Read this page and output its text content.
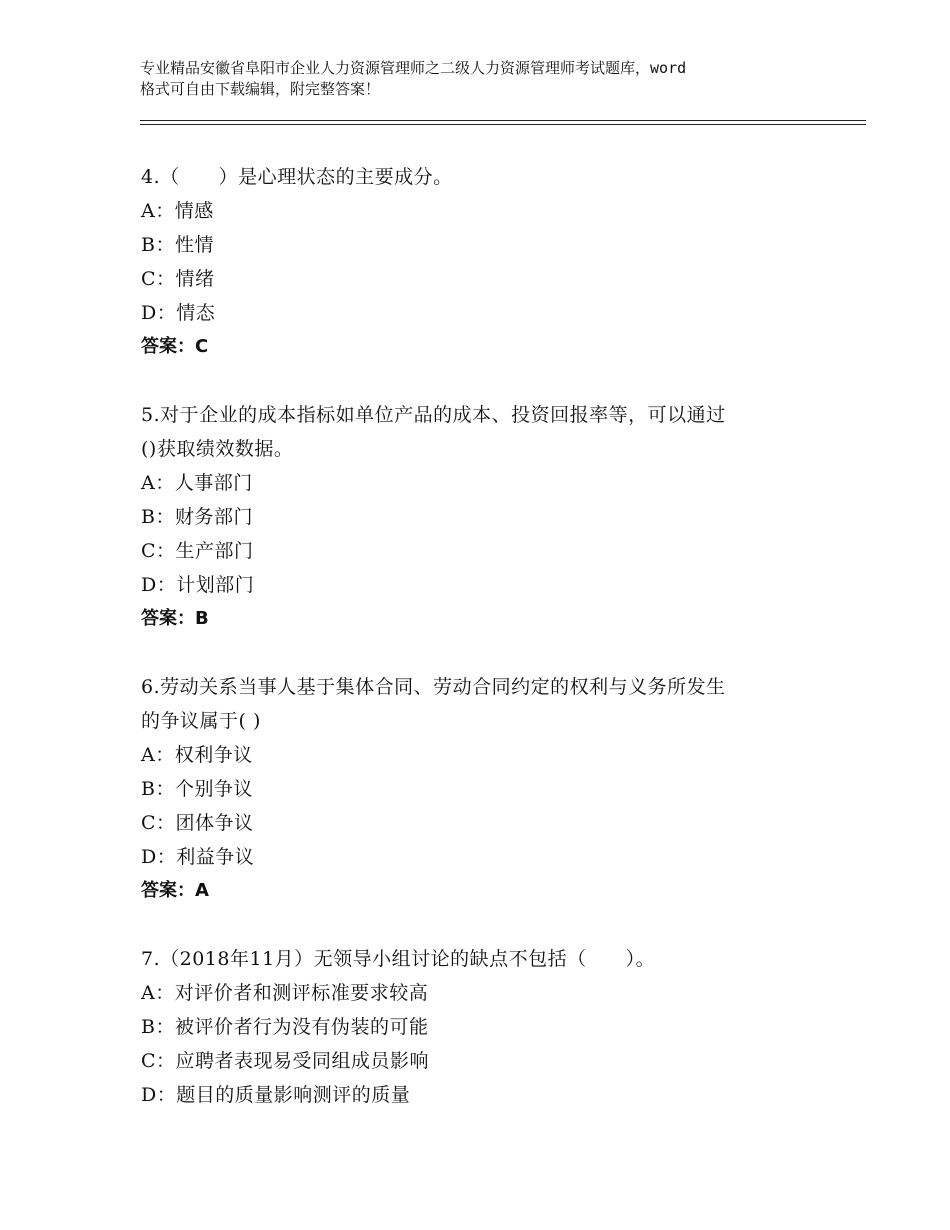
专业精品安徽省阜阳市企业人力资源管理师之二级人力资源管理师考试题库，word
格式可自由下载编辑，附完整答案！
4.（　　）是心理状态的主要成分。
A：情感
B：性情
C：情绪
D：情态
答案：C
5.对于企业的成本指标如单位产品的成本、投资回报率等，可以通过
()获取绩效数据。
A：人事部门
B：财务部门
C：生产部门
D：计划部门
答案：B
6.劳动关系当事人基于集体合同、劳动合同约定的权利与义务所发生
的争议属于( )
A：权利争议
B：个别争议
C：团体争议
D：利益争议
答案：A
7.（2018年11月）无领导小组讨论的缺点不包括（　　）。
A：对评价者和测评标准要求较高
B：被评价者行为没有伪装的可能
C：应聘者表现易受同组成员影响
D：题目的质量影响测评的质量
